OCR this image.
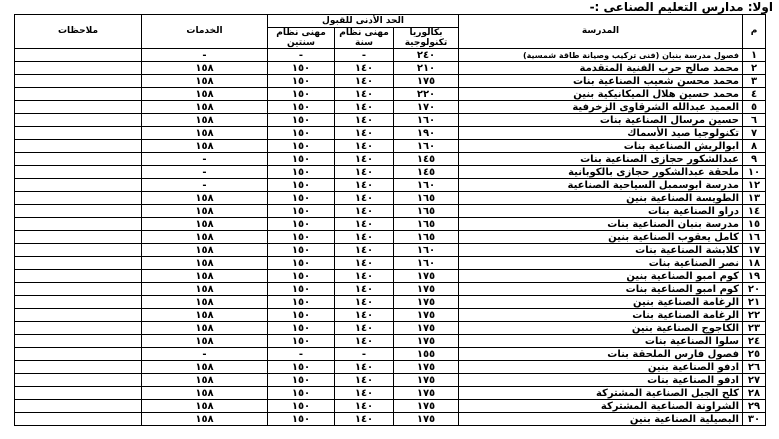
اولا: مدارس التعليم الصناعى :-
م	المدرسة	الحد الأدنى للقبول			الخدمات	ملاحظات
		بكالوريا تكنولوجية	مهنى نظام سنة	مهنى نظام سنتين		
١	فصول مدرسة بنبان (فنى تركيب وصيانة طاقة شمسية)	٢٤٠	-	-	-	
٢	محمد صالح حرب الفنية المتقدمة	٢١٠	١٤٠	١٥٠	١٥٨	
٣	محمد محسن شعيب الصناعية بنات	١٧٥	١٤٠	١٥٠	١٥٨	
٤	محمد حسين هلال الميكانيكية بنين	٢٢٠	١٤٠	١٥٠	١٥٨	
٥	العميد عبدالله الشرقاوى الزخرفية	١٧٠	١٤٠	١٥٠	١٥٨	
٦	حسين مرسال الصناعية بنات	١٦٠	١٤٠	١٥٠	١٥٨	
٧	تكنولوجيا صيد الأسماك	١٩٠	١٤٠	١٥٠	١٥٨	
٨	ابوالريش الصناعية بنات	١٦٠	١٤٠	١٥٠	١٥٨	
٩	عبدالشكور حجازى الصناعية بنات	١٤٥	١٤٠	١٥٠	-	
١٠	ملحقة عبدالشكور حجازى بالكوبانية	١٤٥	١٤٠	١٥٠	-	
١٢	مدرسة ابوسمبل السياحية الصناعية	١٦٠	١٤٠	١٥٠	-	
١٣	الطويسة الصناعية بنين	١٦٥	١٤٠	١٥٠	١٥٨	
١٤	دراو الصناعية بنات	١٦٥	١٤٠	١٥٠	١٥٨	
١٥	مدرسة بنبان الصناعية بنات	١٦٥	١٤٠	١٥٠	١٥٨	
١٦	كامل يعقوب الصناعية بنين	١٦٥	١٤٠	١٥٠	١٥٨	
١٧	كلابشة الصناعية بنات	١٦٠	١٤٠	١٥٠	١٥٨	
١٨	نصر الصناعية بنات	١٦٠	١٤٠	١٥٠	١٥٨	
١٩	كوم امبو الصناعية بنين	١٧٥	١٤٠	١٥٠	١٥٨	
٢٠	كوم امبو الصناعية بنات	١٧٥	١٤٠	١٥٠	١٥٨	
٢١	الرغامة الصناعية بنين	١٧٥	١٤٠	١٥٠	١٥٨	
٢٢	الرغامة الصناعية بنات	١٧٥	١٤٠	١٥٠	١٥٨	
٢٣	الكاجوج الصناعية بنين	١٧٥	١٤٠	١٥٠	١٥٨	
٢٤	سلوا الصناعية بنات	١٧٥	١٤٠	١٥٠	١٥٨	
٢٥	فصول فارس الملحقة بنات	١٥٥	-	-	-	
٢٦	ادفو الصناعية بنين	١٧٥	١٤٠	١٥٠	١٥٨	
٢٧	ادفو الصناعية بنات	١٧٥	١٤٠	١٥٠	١٥٨	
٢٨	كلح الجبل الصناعية المشتركة	١٧٥	١٤٠	١٥٠	١٥٨	
٢٩	الشراونة الصناعية المشتركة	١٧٥	١٤٠	١٥٠	١٥٨	
٣٠	البصيلية الصناعية بنين	١٧٥	١٤٠	١٥٠	١٥٨	
